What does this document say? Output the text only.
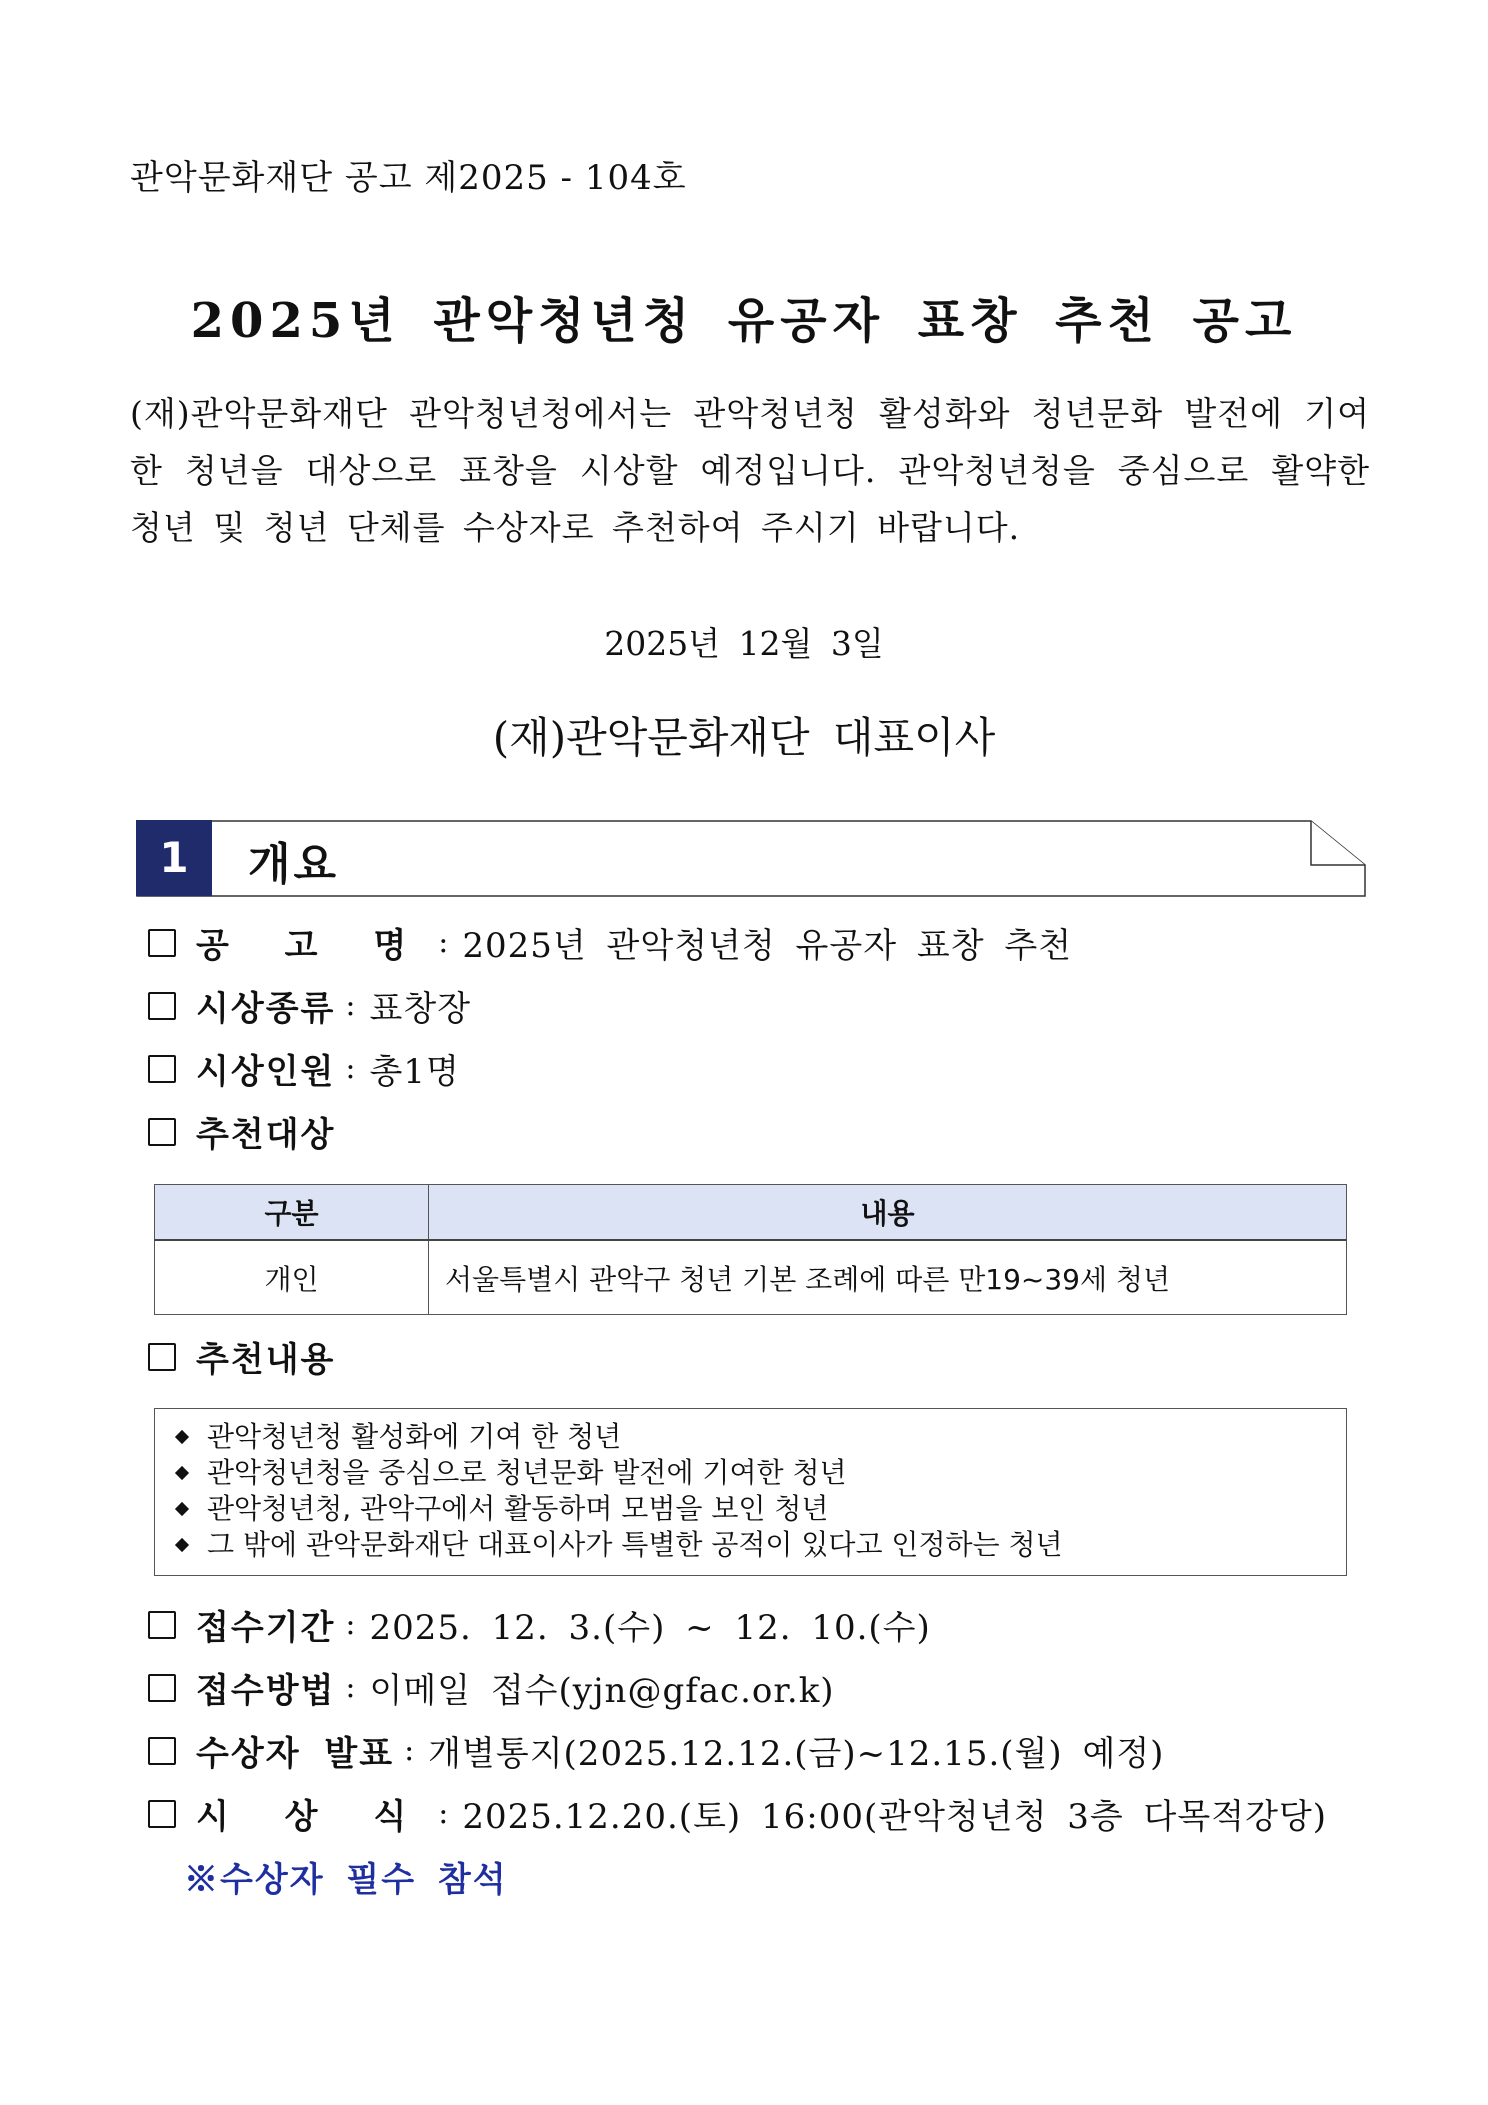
관악문화재단 공고 제2025 - 104호
2025년 관악청년청 유공자 표창 추천 공고
(재)관악문화재단 관악청년청에서는 관악청년청 활성화와 청년문화 발전에 기여한 청년을 대상으로 표창을 시상할 예정입니다. 관악청년청을 중심으로 활약한 청년 및 청년 단체를 수상자로 추천하여 주시기 바랍니다.
2025년 12월 3일
(재)관악문화재단 대표이사
1	개요
공 고 명 : 2025년 관악청년청 유공자 표창 추천
시상종류 : 표창장
시상인원 : 총1명
추천대상
구분	내용
개인	서울특별시 관악구 청년 기본 조례에 따른 만19~39세 청년
추천내용
관악청년청 활성화에 기여 한 청년
관악청년청을 중심으로 청년문화 발전에 기여한 청년
관악청년청, 관악구에서 활동하며 모범을 보인 청년
그 밖에 관악문화재단 대표이사가 특별한 공적이 있다고 인정하는 청년
접수기간 : 2025. 12. 3.(수) ~ 12. 10.(수)
접수방법 : 이메일 접수(yjn@gfac.or.k)
수상자 발표 : 개별통지(2025.12.12.(금)~12.15.(월) 예정)
시 상 식 : 2025.12.20.(토) 16:00(관악청년청 3층 다목적강당)
※수상자 필수 참석
